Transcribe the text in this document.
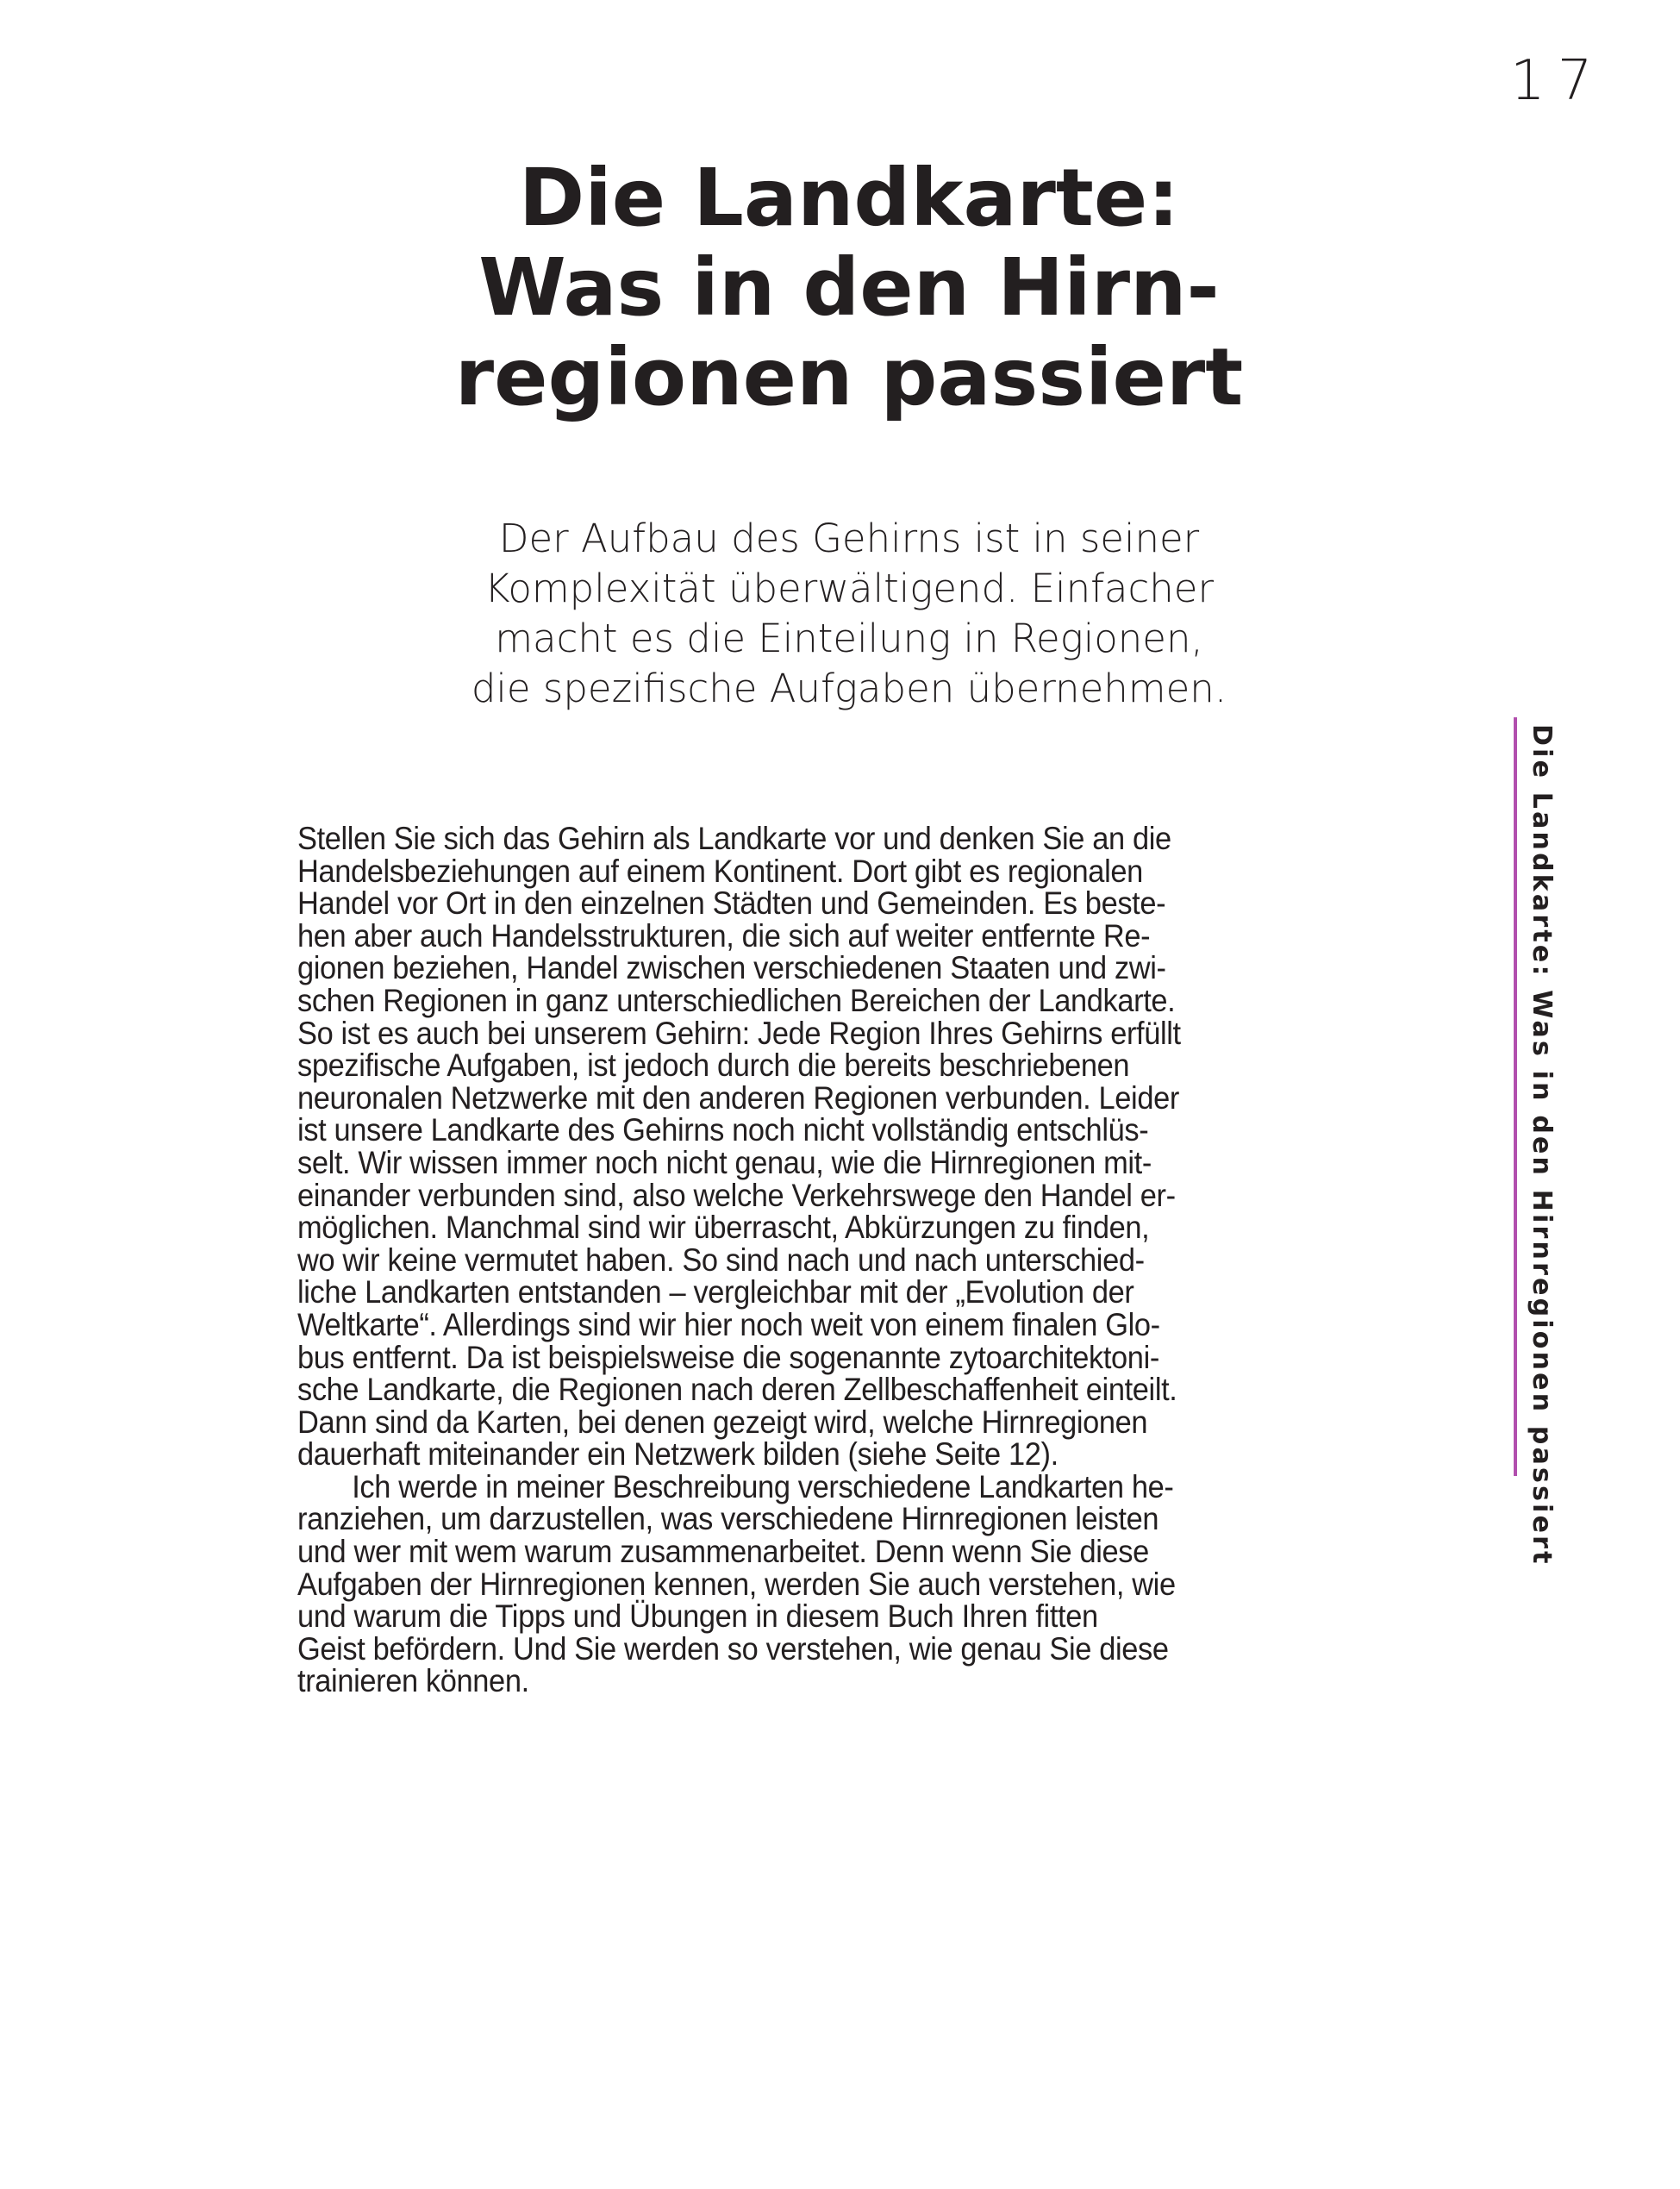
17
Die Landkarte:
Was in den Hirn-
regionen passiert

Der Aufbau des Gehirns ist in seiner
Komplexität überwältigend. Einfacher
macht es die Einteilung in Regionen,
die spezifische Aufgaben übernehmen.

Die Landkarte: Was in den Hirnregionen passiert
Stellen Sie sich das Gehirn als Landkarte vor und denken Sie an die
Handelsbeziehungen auf einem Kontinent. Dort gibt es regionalen
Handel vor Ort in den einzelnen Städten und Gemeinden. Es beste-
hen aber auch Handelsstrukturen, die sich auf weiter entfernte Re-
gionen beziehen, Handel zwischen verschiedenen Staaten und zwi-
schen Regionen in ganz unterschiedlichen Bereichen der Landkarte.
So ist es auch bei unserem Gehirn: Jede Region Ihres Gehirns erfüllt
spezifische Aufgaben, ist jedoch durch die bereits beschriebenen
neuronalen Netzwerke mit den anderen Regionen verbunden. Leider
ist unsere Landkarte des Gehirns noch nicht vollständig entschlüs-
selt. Wir wissen immer noch nicht genau, wie die Hirnregionen mit-
einander verbunden sind, also welche Verkehrswege den Handel er-
möglichen. Manchmal sind wir überrascht, Abkürzungen zu finden,
wo wir keine vermutet haben. So sind nach und nach unterschied-
liche Landkarten entstanden – vergleichbar mit der „Evolution der
Weltkarte“. Allerdings sind wir hier noch weit von einem finalen Glo-
bus entfernt. Da ist beispielsweise die sogenannte zytoarchitektoni-
sche Landkarte, die Regionen nach deren Zellbeschaffenheit einteilt.
Dann sind da Karten, bei denen gezeigt wird, welche Hirnregionen
dauerhaft miteinander ein Netzwerk bilden (siehe Seite 12).
Ich werde in meiner Beschreibung verschiedene Landkarten he-
ranziehen, um darzustellen, was verschiedene Hirnregionen leisten
und wer mit wem warum zusammenarbeitet. Denn wenn Sie diese
Aufgaben der Hirnregionen kennen, werden Sie auch verstehen, wie
und warum die Tipps und Übungen in diesem Buch Ihren fitten
Geist befördern. Und Sie werden so verstehen, wie genau Sie diese
trainieren können.
